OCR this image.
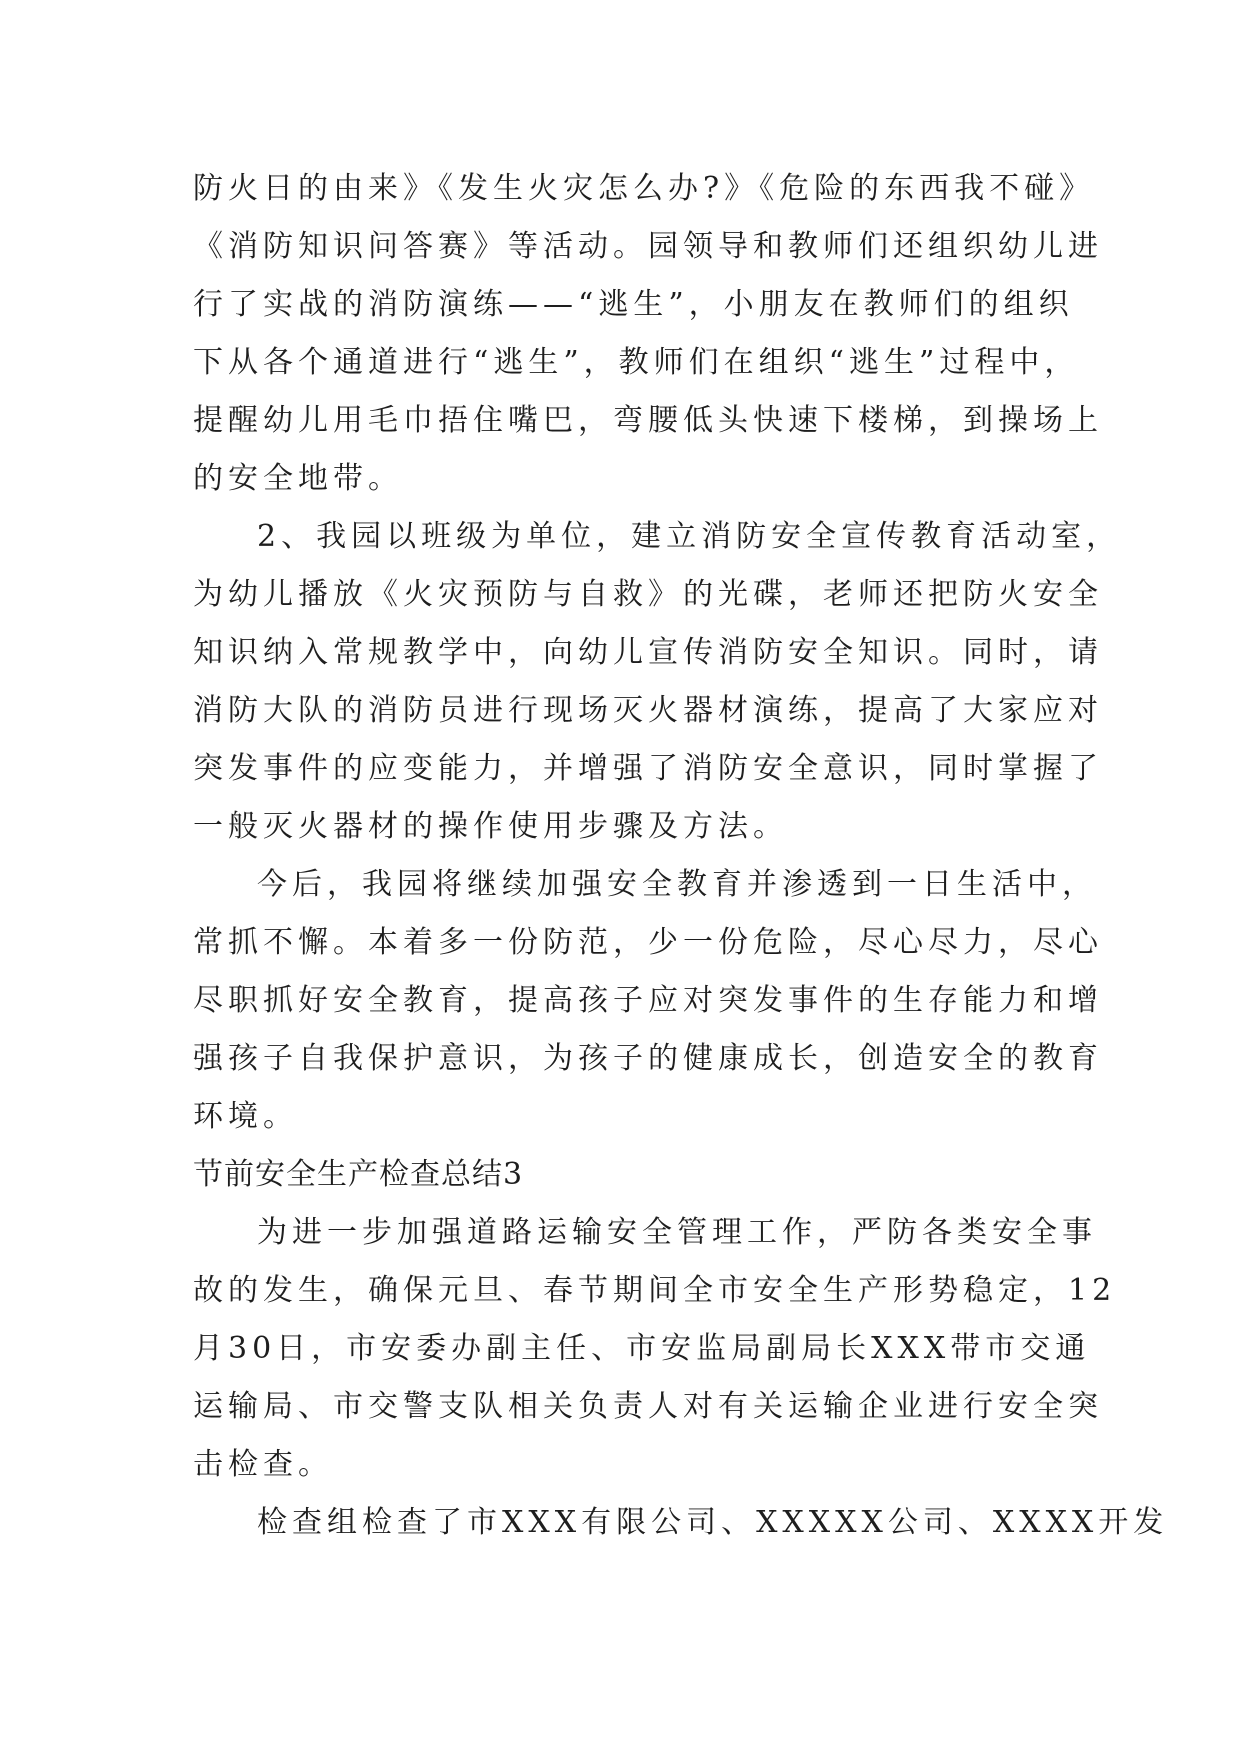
防火日的由来》《发生火灾怎么办?》《危险的东西我不碰》
《消防知识问答赛》等活动。园领导和教师们还组织幼儿进
行了实战的消防演练——“逃生”，小朋友在教师们的组织
下从各个通道进行“逃生”，教师们在组织“逃生”过程中，
提醒幼儿用毛巾捂住嘴巴，弯腰低头快速下楼梯，到操场上
的安全地带。
2、我园以班级为单位，建立消防安全宣传教育活动室，
为幼儿播放《火灾预防与自救》的光碟，老师还把防火安全
知识纳入常规教学中，向幼儿宣传消防安全知识。同时，请
消防大队的消防员进行现场灭火器材演练，提高了大家应对
突发事件的应变能力，并增强了消防安全意识，同时掌握了
一般灭火器材的操作使用步骤及方法。
今后，我园将继续加强安全教育并渗透到一日生活中，
常抓不懈。本着多一份防范，少一份危险，尽心尽力，尽心
尽职抓好安全教育，提高孩子应对突发事件的生存能力和增
强孩子自我保护意识，为孩子的健康成长，创造安全的教育
环境。
节前安全生产检查总结3
为进一步加强道路运输安全管理工作，严防各类安全事
故的发生，确保元旦、春节期间全市安全生产形势稳定，12
月30日，市安委办副主任、市安监局副局长XXX带市交通
运输局、市交警支队相关负责人对有关运输企业进行安全突
击检查。
检查组检查了市XXX有限公司、XXXXX公司、XXXX开发
